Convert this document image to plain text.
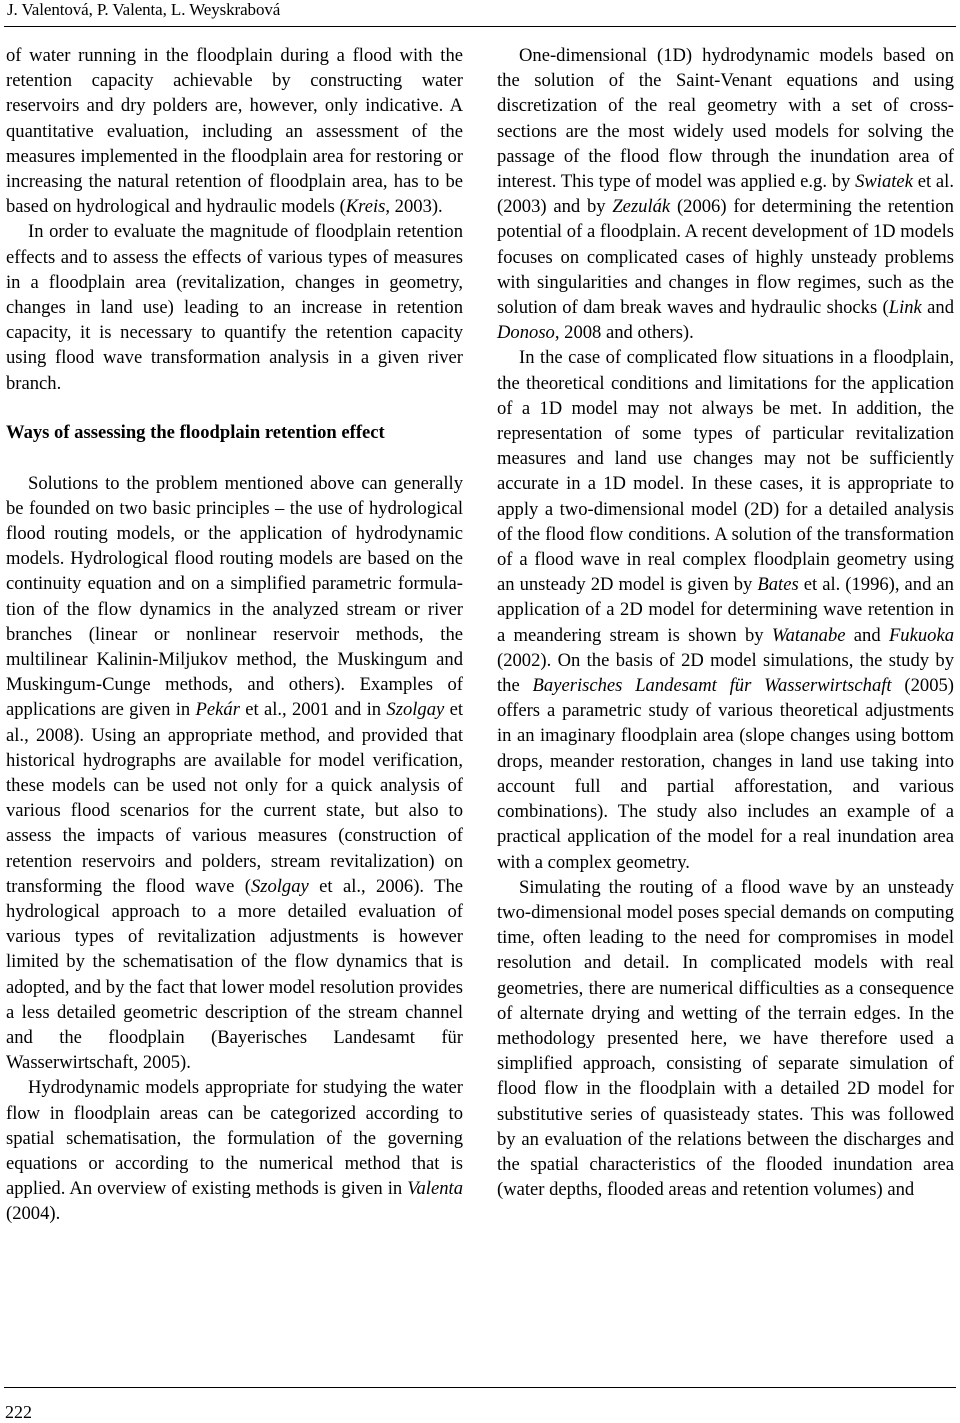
J. Valentová, P. Valenta, L. Weyskrabová

of water running in the floodplain during a flood with the retention capacity achievable by constructing water reservoirs and dry polders are, however, only indicative. A quantitative evaluation, including an assessment of the measures implemented in the floodplain area for restoring or increasing the natural retention of floodplain area, has to be based on hydrological and hydraulic models (Kreis, 2003).

In order to evaluate the magnitude of floodplain retention effects and to assess the effects of various types of measures in a floodplain area (revitalization, changes in geometry, changes in land use) leading to an increase in retention capacity, it is necessary to quantify the retention capacity using flood wave transformation analysis in a given river branch.

Ways of assessing the floodplain retention effect

Solutions to the problem mentioned above can generally be founded on two basic principles – the use of hydrological flood routing models, or the application of hydrodynamic models. Hydrological flood routing models are based on the continuity equation and on a simplified parametric formulation of the flow dynamics in the analyzed stream or river branches (linear or nonlinear reservoir methods, the multilinear Kalinin-Miljukov method, the Muskingum and Muskingum-Cunge methods, and others). Examples of applications are given in Pekár et al., 2001 and in Szolgay et al., 2008). Using an appropriate method, and provided that historical hydrographs are available for model verification, these models can be used not only for a quick analysis of various flood scenarios for the current state, but also to assess the impacts of various measures (construction of retention reservoirs and polders, stream revitalization) on transforming the flood wave (Szolgay et al., 2006). The hydrological approach to a more detailed evaluation of various types of revitalization adjustments is however limited by the schematisation of the flow dynamics that is adopted, and by the fact that lower model resolution provides a less detailed geometric description of the stream channel and the floodplain (Bayerisches Landesamt für Wasserwirtschaft, 2005).

Hydrodynamic models appropriate for studying the water flow in floodplain areas can be categorized according to spatial schematisation, the formulation of the governing equations or according to the numerical method that is applied. An overview of existing methods is given in Valenta (2004).

One-dimensional (1D) hydrodynamic models based on the solution of the Saint-Venant equations and using discretization of the real geometry with a set of cross-sections are the most widely used models for solving the passage of the flood flow through the inundation area of interest. This type of model was applied e.g. by Swiatek et al. (2003) and by Zezulák (2006) for determining the retention potential of a floodplain. A recent development of 1D models focuses on complicated cases of highly unsteady problems with singularities and changes in flow regimes, such as the solution of dam break waves and hydraulic shocks (Link and Donoso, 2008 and others).

In the case of complicated flow situations in a floodplain, the theoretical conditions and limitations for the application of a 1D model may not always be met. In addition, the representation of some types of particular revitalization measures and land use changes may not be sufficiently accurate in a 1D model. In these cases, it is appropriate to apply a two-dimensional model (2D) for a detailed analysis of the flood flow conditions. A solution of the transformation of a flood wave in real complex floodplain geometry using an unsteady 2D model is given by Bates et al. (1996), and an application of a 2D model for determining wave retention in a meandering stream is shown by Watanabe and Fukuoka (2002). On the basis of 2D model simulations, the study by the Bayerisches Landesamt für Wasserwirtschaft (2005) offers a parametric study of various theoretical adjustments in an imaginary floodplain area (slope changes using bottom drops, meander restoration, changes in land use taking into account full and partial afforestation, and various combinations). The study also includes an example of a practical application of the model for a real inundation area with a complex geometry.

Simulating the routing of a flood wave by an unsteady two-dimensional model poses special demands on computing time, often leading to the need for compromises in model resolution and detail. In complicated models with real geometries, there are numerical difficulties as a consequence of alternate drying and wetting of the terrain edges. In the methodology presented here, we have therefore used a simplified approach, consisting of separate simulation of flood flow in the floodplain with a detailed 2D model for substitutive series of quasisteady states. This was followed by an evaluation of the relations between the discharges and the spatial characteristics of the flooded inundation area (water depths, flooded areas and retention volumes) and

222
